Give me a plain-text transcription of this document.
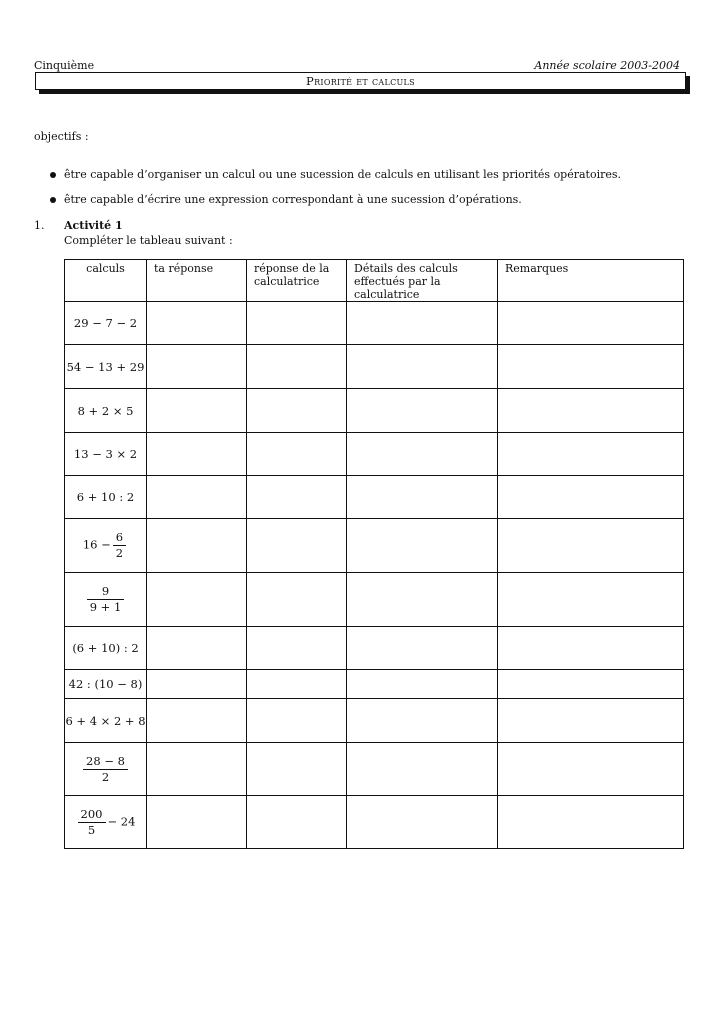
Cinquième	Année scolaire 2003-2004
Priorité et calculs
objectifs :
être capable d’organiser un calcul ou une sucession de calculs en utilisant les priorités opératoires.
être capable d’écrire une expression correspondant à une sucession d’opérations.
1. Activité 1
Compléter le tableau suivant :
calculs	ta réponse	réponse de la calculatrice	Détails des calculs effectués par la calculatrice	Remarques
29 − 7 − 2				
54 − 13 + 29				
8 + 2 × 5				
13 − 3 × 2				
6 + 10 : 2				
$16 - \frac{6}{2}$

$\frac{9}{9 + 1}$

(6 + 10) : 2				
42 : (10 − 8)				
6 + 4 × 2 + 8				

$\frac{28 - 8}{2}$

$\frac{200}{5} - 24$				
